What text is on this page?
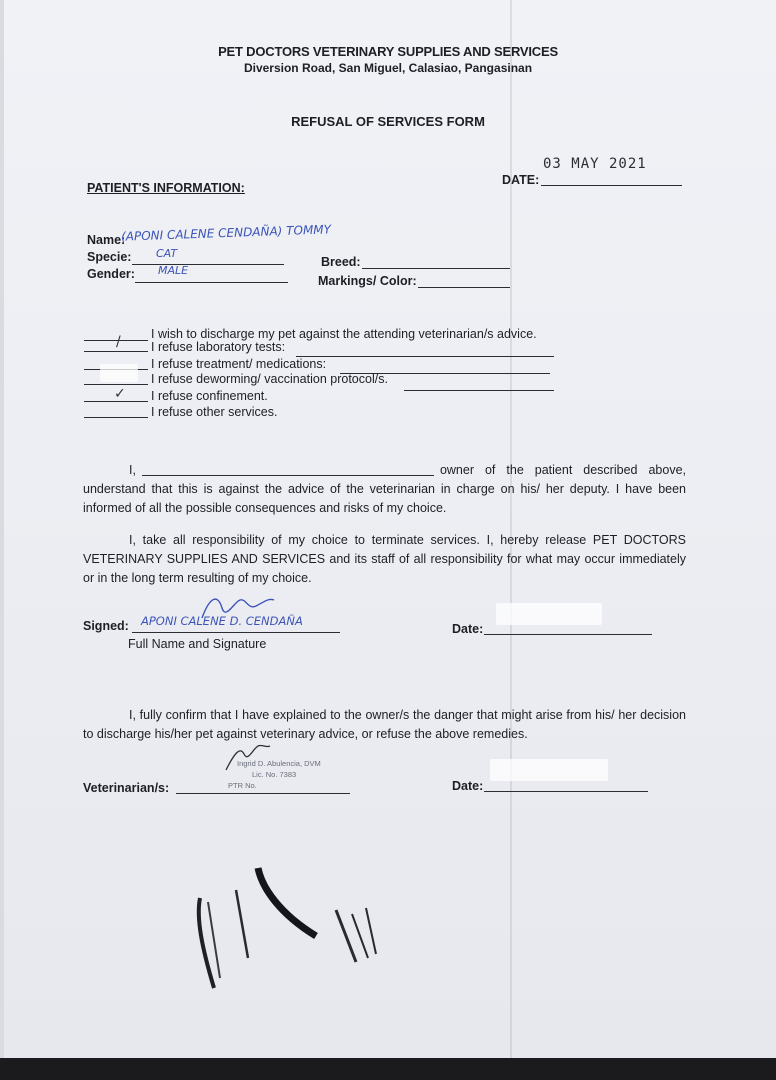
PET DOCTORS VETERINARY SUPPLIES AND SERVICES
Diversion Road, San Miguel, Calasiao, Pangasinan
REFUSAL OF SERVICES FORM
03 MAY 2021
DATE:
PATIENT'S INFORMATION:
Name:
(APONI CALENE CENDAÑA) TOMMY
Specie: CAT
Breed:
Gender: MALE
Markings/ Color:
I wish to discharge my pet against the attending veterinarian/s advice.
/ I refuse laboratory tests:
I refuse treatment/ medications:
I refuse deworming/ vaccination protocol/s.
✓ I refuse confinement.
I refuse other services.
I,	owner of the patient described above, understand that this is against the advice of the veterinarian in charge on his/ her deputy. I have been informed of all the possible consequences and risks of my choice.
I, take all responsibility of my choice to terminate services. I, hereby release PET DOCTORS VETERINARY SUPPLIES AND SERVICES and its staff of all responsibility for what may occur immediately or in the long term resulting of my choice.
Signed: APONI CALENE D. CENDAÑA
Full Name and Signature
Date:
I, fully confirm that I have explained to the owner/s the danger that might arise from his/ her decision to discharge his/her pet against veterinary advice, or refuse the above remedies.
Ingrid D. Abulencia, DVM
Lic. No. 7383
PTR No.
Veterinarian/s:	Date:
